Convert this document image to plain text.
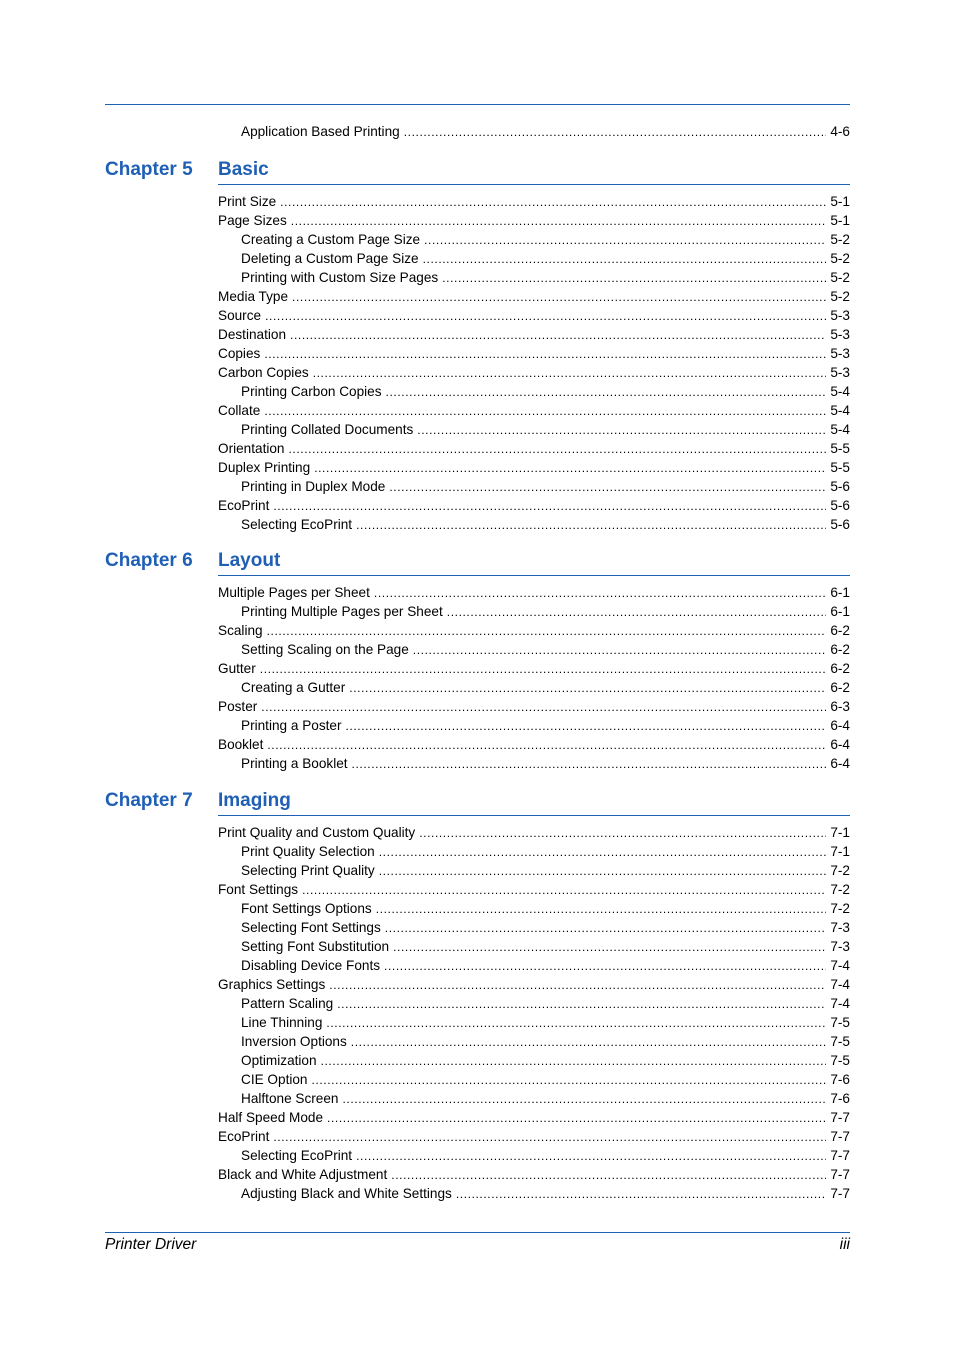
Application Based Printing .....	4-6
Chapter 5 Basic
Print Size .....	5-1
Page Sizes .....	5-1
Creating a Custom Page Size .....	5-2
Deleting a Custom Page Size .....	5-2
Printing with Custom Size Pages .....	5-2
Media Type .....	5-2
Source .....	5-3
Destination .....	5-3
Copies .....	5-3
Carbon Copies .....	5-3
Printing Carbon Copies .....	5-4
Collate .....	5-4
Printing Collated Documents .....	5-4
Orientation .....	5-5
Duplex Printing .....	5-5
Printing in Duplex Mode .....	5-6
EcoPrint .....	5-6
Selecting EcoPrint .....	5-6
Chapter 6 Layout
Multiple Pages per Sheet .....	6-1
Printing Multiple Pages per Sheet .....	6-1
Scaling .....	6-2
Setting Scaling on the Page .....	6-2
Gutter .....	6-2
Creating a Gutter .....	6-2
Poster .....	6-3
Printing a Poster .....	6-4
Booklet .....	6-4
Printing a Booklet .....	6-4
Chapter 7 Imaging
Print Quality and Custom Quality .....	7-1
Print Quality Selection .....	7-1
Selecting Print Quality .....	7-2
Font Settings .....	7-2
Font Settings Options .....	7-2
Selecting Font Settings .....	7-3
Setting Font Substitution .....	7-3
Disabling Device Fonts .....	7-4
Graphics Settings .....	7-4
Pattern Scaling .....	7-4
Line Thinning .....	7-5
Inversion Options .....	7-5
Optimization .....	7-5
CIE Option .....	7-6
Halftone Screen .....	7-6
Half Speed Mode .....	7-7
EcoPrint .....	7-7
Selecting EcoPrint .....	7-7
Black and White Adjustment .....	7-7
Adjusting Black and White Settings .....	7-7
Printer Driver	iii
